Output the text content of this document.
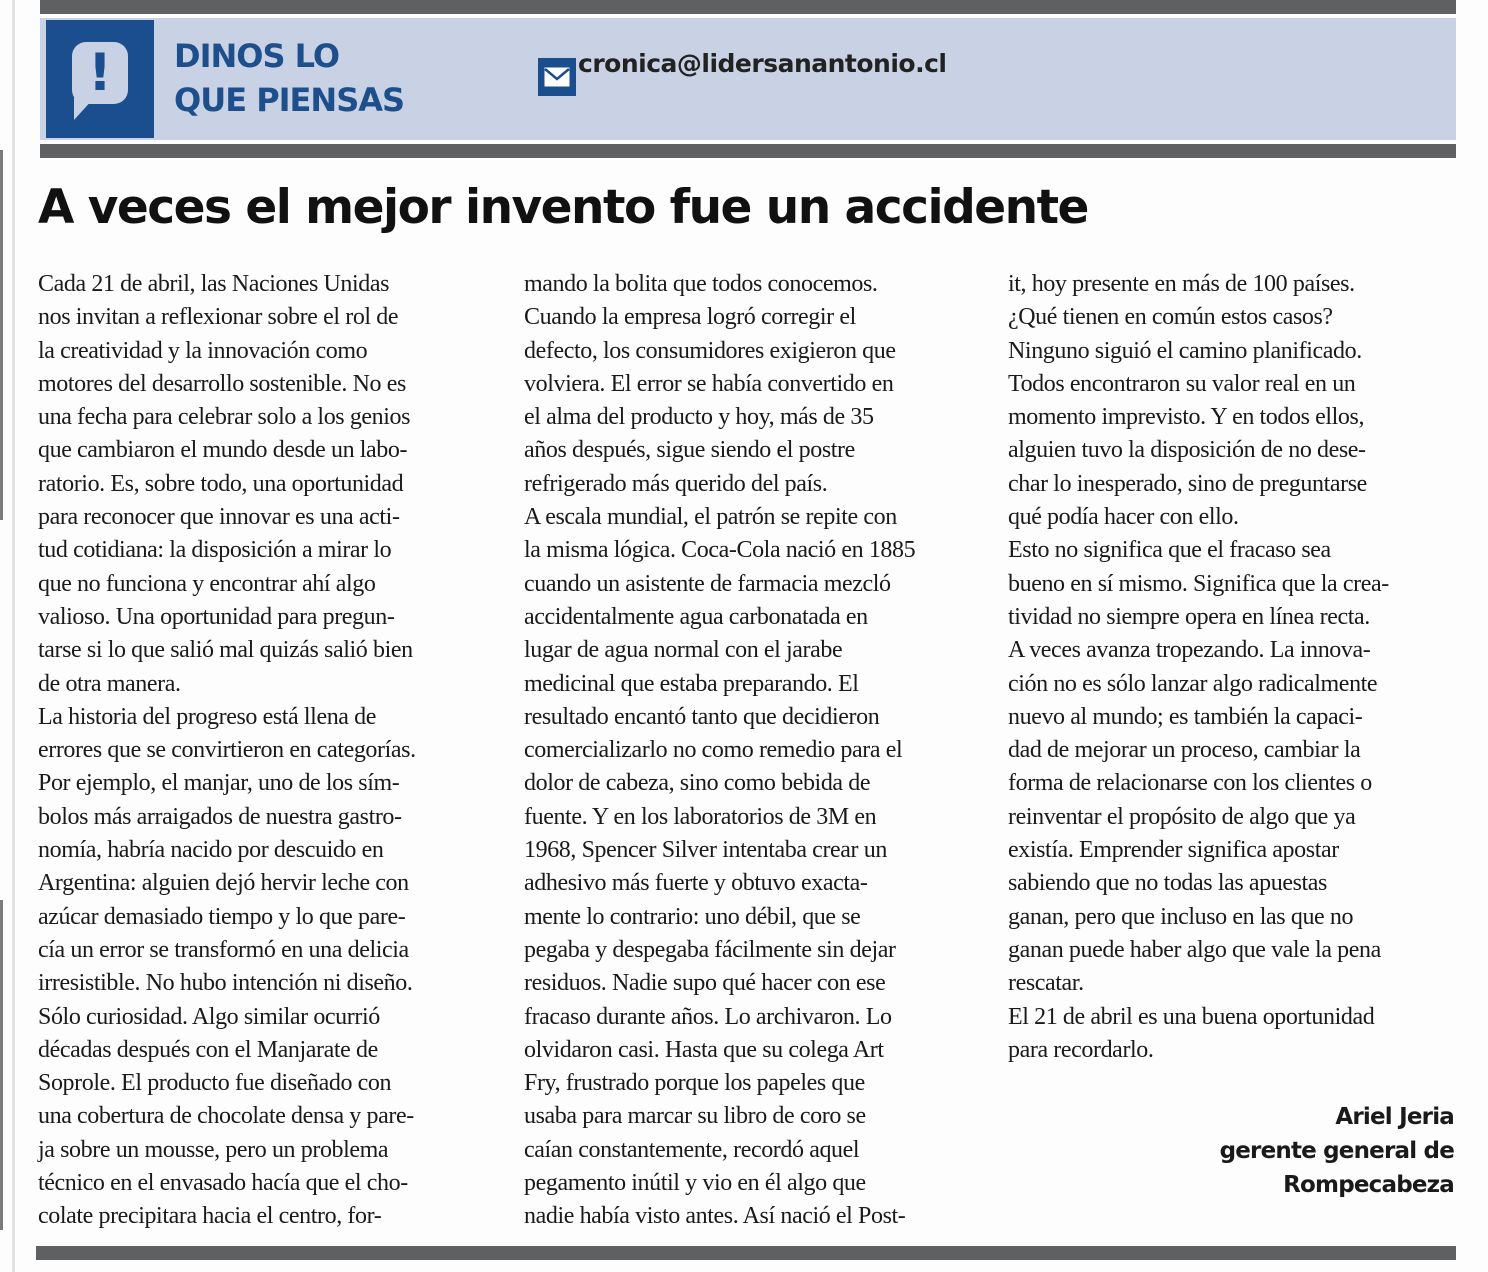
!	DINOS LO
QUE PIENSAS
cronica@lidersanantonio.cl
A veces el mejor invento fue un accidente
Cada 21 de abril, las Naciones Unidas
nos invitan a reflexionar sobre el rol de
la creatividad y la innovación como
motores del desarrollo sostenible. No es
una fecha para celebrar solo a los genios
que cambiaron el mundo desde un labo-
ratorio. Es, sobre todo, una oportunidad
para reconocer que innovar es una acti-
tud cotidiana: la disposición a mirar lo
que no funciona y encontrar ahí algo
valioso. Una oportunidad para pregun-
tarse si lo que salió mal quizás salió bien
de otra manera.
La historia del progreso está llena de
errores que se convirtieron en categorías.
Por ejemplo, el manjar, uno de los sím-
bolos más arraigados de nuestra gastro-
nomía, habría nacido por descuido en
Argentina: alguien dejó hervir leche con
azúcar demasiado tiempo y lo que pare-
cía un error se transformó en una delicia
irresistible. No hubo intención ni diseño.
Sólo curiosidad. Algo similar ocurrió
décadas después con el Manjarate de
Soprole. El producto fue diseñado con
una cobertura de chocolate densa y pare-
ja sobre un mousse, pero un problema
técnico en el envasado hacía que el cho-
colate precipitara hacia el centro, for-
mando la bolita que todos conocemos.
Cuando la empresa logró corregir el
defecto, los consumidores exigieron que
volviera. El error se había convertido en
el alma del producto y hoy, más de 35
años después, sigue siendo el postre
refrigerado más querido del país.
A escala mundial, el patrón se repite con
la misma lógica. Coca-Cola nació en 1885
cuando un asistente de farmacia mezcló
accidentalmente agua carbonatada en
lugar de agua normal con el jarabe
medicinal que estaba preparando. El
resultado encantó tanto que decidieron
comercializarlo no como remedio para el
dolor de cabeza, sino como bebida de
fuente. Y en los laboratorios de 3M en
1968, Spencer Silver intentaba crear un
adhesivo más fuerte y obtuvo exacta-
mente lo contrario: uno débil, que se
pegaba y despegaba fácilmente sin dejar
residuos. Nadie supo qué hacer con ese
fracaso durante años. Lo archivaron. Lo
olvidaron casi. Hasta que su colega Art
Fry, frustrado porque los papeles que
usaba para marcar su libro de coro se
caían constantemente, recordó aquel
pegamento inútil y vio en él algo que
nadie había visto antes. Así nació el Post-
it, hoy presente en más de 100 países.
¿Qué tienen en común estos casos?
Ninguno siguió el camino planificado.
Todos encontraron su valor real en un
momento imprevisto. Y en todos ellos,
alguien tuvo la disposición de no dese-
char lo inesperado, sino de preguntarse
qué podía hacer con ello.
Esto no significa que el fracaso sea
bueno en sí mismo. Significa que la crea-
tividad no siempre opera en línea recta.
A veces avanza tropezando. La innova-
ción no es sólo lanzar algo radicalmente
nuevo al mundo; es también la capaci-
dad de mejorar un proceso, cambiar la
forma de relacionarse con los clientes o
reinventar el propósito de algo que ya
existía. Emprender significa apostar
sabiendo que no todas las apuestas
ganan, pero que incluso en las que no
ganan puede haber algo que vale la pena
rescatar.
El 21 de abril es una buena oportunidad
para recordarlo.
Ariel Jeria
gerente general de
Rompecabeza
